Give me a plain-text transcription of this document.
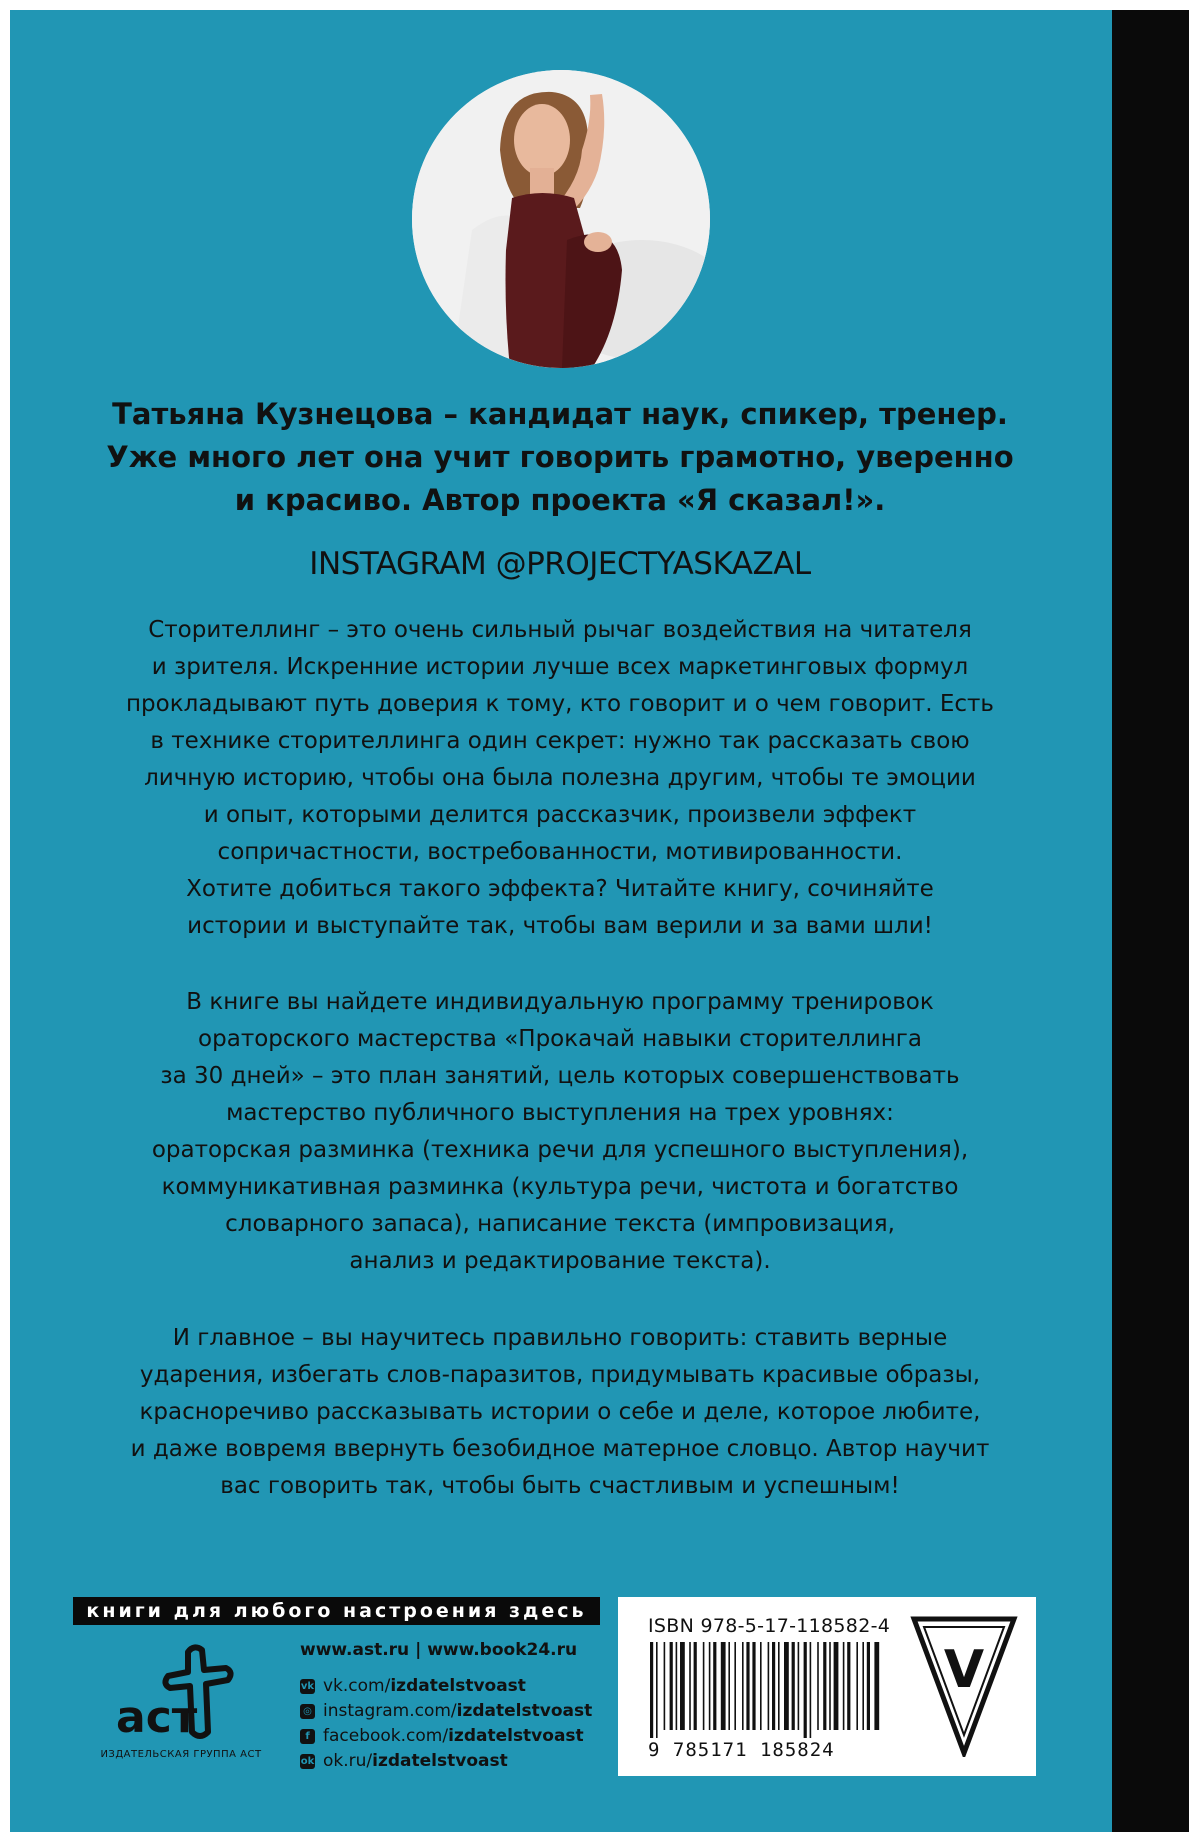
Татьяна Кузнецова – кандидат наук, спикер, тренер.
Уже много лет она учит говорить грамотно, уверенно
и красиво. Автор проекта «Я сказал!».
INSTAGRAM @PROJECTYASKAZAL
Сторителлинг – это очень сильный рычаг воздействия на читателя
и зрителя. Искренние истории лучше всех маркетинговых формул
прокладывают путь доверия к тому, кто говорит и о чем говорит. Есть
в технике сторителлинга один секрет: нужно так рассказать свою
личную историю, чтобы она была полезна другим, чтобы те эмоции
и опыт, которыми делится рассказчик, произвели эффект
сопричастности, востребованности, мотивированности.
Хотите добиться такого эффекта? Читайте книгу, сочиняйте
истории и выступайте так, чтобы вам верили и за вами шли!
В книге вы найдете индивидуальную программу тренировок
ораторского мастерства «Прокачай навыки сторителлинга
за 30 дней» – это план занятий, цель которых совершенствовать
мастерство публичного выступления на трех уровнях:
ораторская разминка (техника речи для успешного выступления),
коммуникативная разминка (культура речи, чистота и богатство
словарного запаса), написание текста (импровизация,
анализ и редактирование текста).
И главное – вы научитесь правильно говорить: ставить верные
ударения, избегать слов-паразитов, придумывать красивые образы,
красноречиво рассказывать истории о себе и деле, которое любите,
и даже вовремя ввернуть безобидное матерное словцо. Автор научит
вас говорить так, чтобы быть счастливым и успешным!
книги для любого настроения здесь
аст
ИЗДАТЕЛЬСКАЯ ГРУППА АСТ
www.ast.ru | www.book24.ru
vk vk.com/ izdatelstvoast
◎ instagram.com/ izdatelstvoast
f facebook.com/ izdatelstvoast
ok ok.ru/ izdatelstvoast
ISBN 978-5-17-118582-4
9 785171 185824
V
